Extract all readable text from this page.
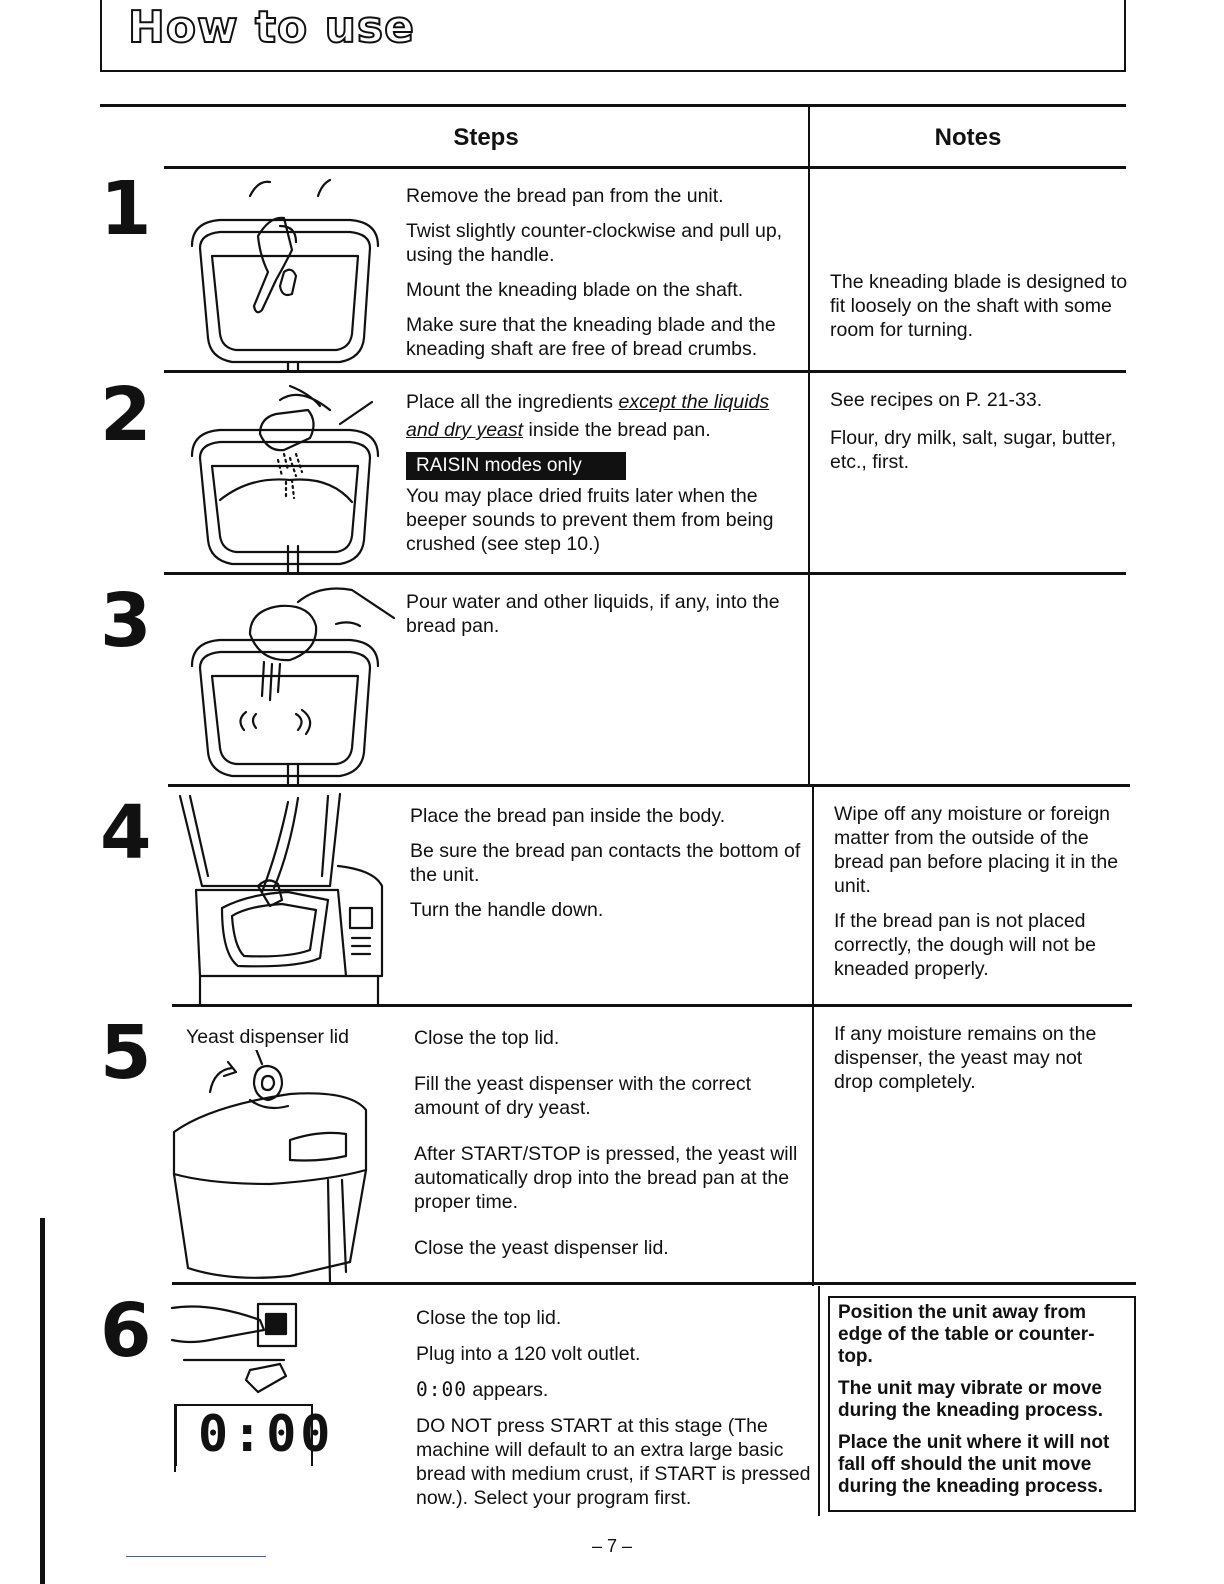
How to use
Steps	Notes
1
2
3
4
5
6
Yeast dispenser lid
0:00

Remove the bread pan from the unit.

Twist slightly counter-clockwise and pull up, using the handle.

Mount the kneading blade on the shaft.

Make sure that the kneading blade and the kneading shaft are free of bread crumbs.

The kneading blade is designed to fit loosely on the shaft with some room for turning.

Place all the ingredients except the liquids and dry yeast inside the bread pan.

RAISIN modes only

You may place dried fruits later when the beeper sounds to prevent them from being crushed (see step 10.)

See recipes on P. 21-33.

Flour, dry milk, salt, sugar, butter, etc., first.

Pour water and other liquids, if any, into the bread pan.

Place the bread pan inside the body.

Be sure the bread pan contacts the bottom of the unit.

Turn the handle down.

Wipe off any moisture or foreign matter from the outside of the bread pan before placing it in the unit.

If the bread pan is not placed correctly, the dough will not be kneaded properly.

Close the top lid.

Fill the yeast dispenser with the correct amount of dry yeast.

After START/STOP is pressed, the yeast will automatically drop into the bread pan at the proper time.

Close the yeast dispenser lid.

If any moisture remains on the dispenser, the yeast may not drop completely.

Close the top lid.

Plug into a 120 volt outlet.

0:00 appears.

DO NOT press START at this stage (The machine will default to an extra large basic bread with medium crust, if START is pressed now.). Select your program first.

Position the unit away from edge of the table or counter-top.

The unit may vibrate or move during the kneading process.

Place the unit where it will not fall off should the unit move during the kneading process.

– 7 –
